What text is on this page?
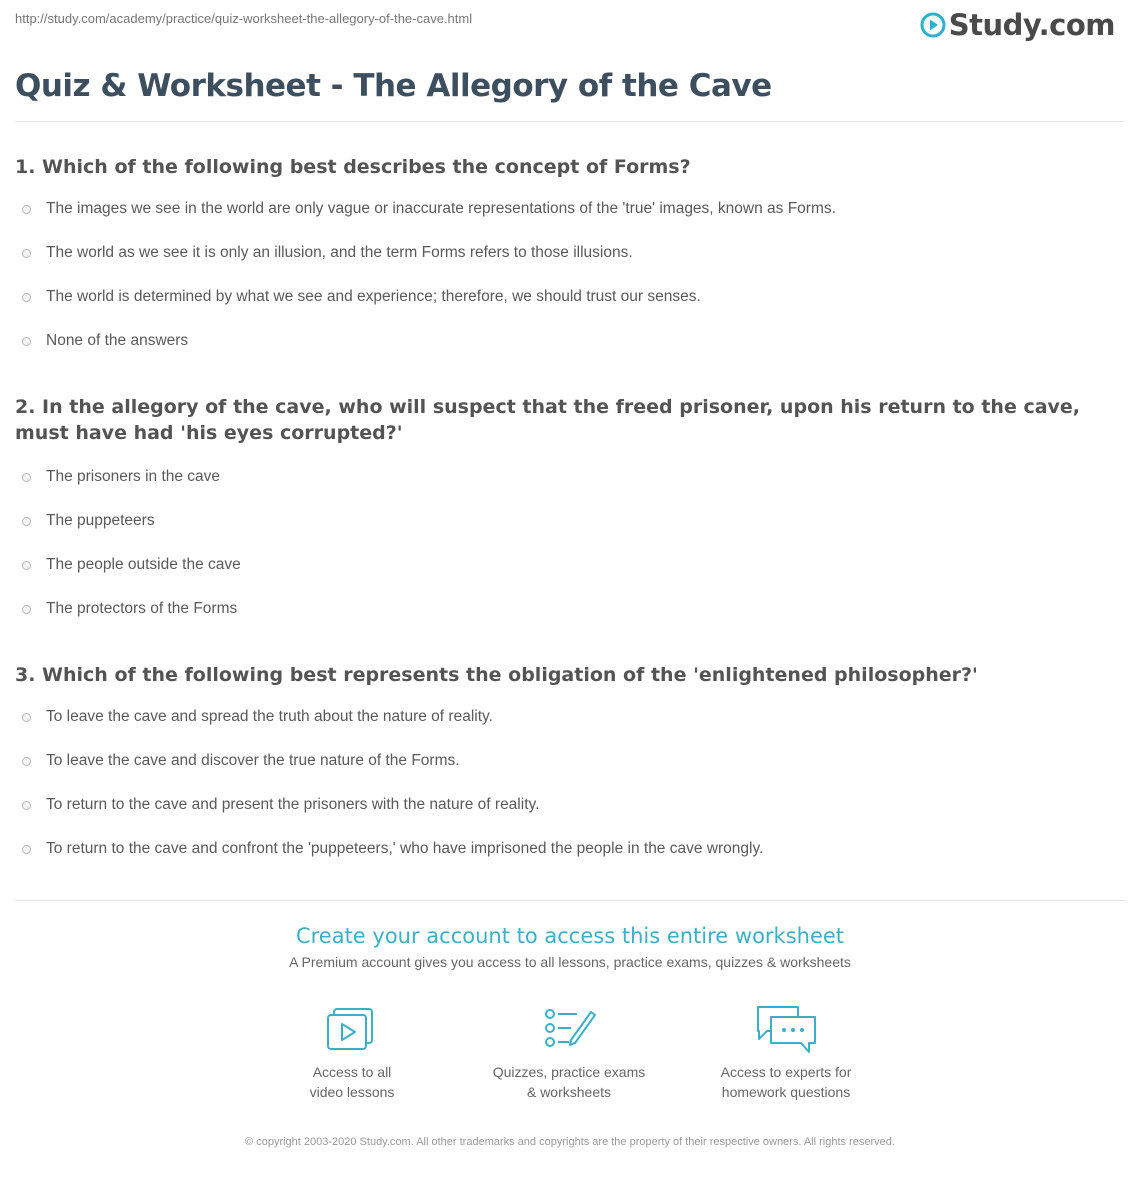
http://study.com/academy/practice/quiz-worksheet-the-allegory-of-the-cave.html	Study.com
Quiz & Worksheet - The Allegory of the Cave
1. Which of the following best describes the concept of Forms?
The images we see in the world are only vague or inaccurate representations of the 'true' images, known as Forms.
The world as we see it is only an illusion, and the term Forms refers to those illusions.
The world is determined by what we see and experience; therefore, we should trust our senses.
None of the answers
2. In the allegory of the cave, who will suspect that the freed prisoner, upon his return to the cave, must have had 'his eyes corrupted?'
The prisoners in the cave
The puppeteers
The people outside the cave
The protectors of the Forms
3. Which of the following best represents the obligation of the 'enlightened philosopher?'
To leave the cave and spread the truth about the nature of reality.
To leave the cave and discover the true nature of the Forms.
To return to the cave and present the prisoners with the nature of reality.
To return to the cave and confront the 'puppeteers,' who have imprisoned the people in the cave wrongly.
Create your account to access this entire worksheet
A Premium account gives you access to all lessons, practice exams, quizzes & worksheets
Access to all
video lessons
Quizzes, practice exams
& worksheets
Access to experts for
homework questions
© copyright 2003-2020 Study.com. All other trademarks and copyrights are the property of their respective owners. All rights reserved.
